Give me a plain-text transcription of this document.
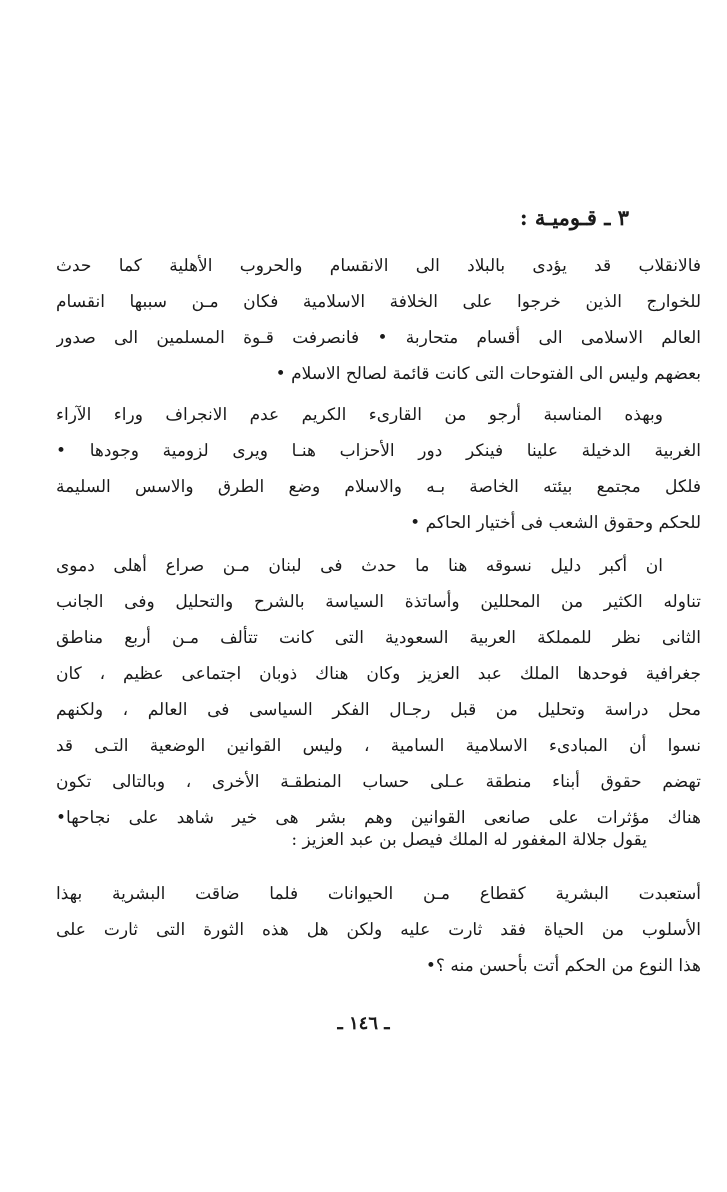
٣ ـ قـوميـة :
فالانقلاب قد يؤدى بالبلاد الى الانقسام والحروب الأهلية كما حدث
للخوارج الذين خرجوا على الخلافة الاسلامية فكان مـن سببها انقسام
العالم الاسلامى الى أقسام متحاربة • فانصرفت قـوة المسلمين الى صدور
بعضهم وليس الى الفتوحات التى كانت قائمة لصالح الاسلام •
وبهذه المناسبة أرجو من القارىء الكريم عدم الانجراف وراء الآراء
الغربية الدخيلة علينا فينكر دور الأحزاب هنـا ويرى لزومية وجودها •
فلكل مجتمع بيئته الخاصة بـه والاسلام وضع الطرق والاسس السليمة
للحكم وحقوق الشعب فى أختيار الحاكم •
ان أكبر دليل نسوقه هنا ما حدث فى لبنان مـن صراع أهلى دموى
تناوله الكثير من المحللين وأساتذة السياسة بالشرح والتحليل وفى الجانب
الثانى نظر للمملكة العربية السعودية التى كانت تتألف مـن أربع مناطق
جغرافية فوحدها الملك عبد العزيز وكان هناك ذوبان اجتماعى عظيم ، كان
محل دراسة وتحليل من قبل رجـال الفكر السياسى فى العالم ، ولكنهم
نسوا أن المبادىء الاسلامية السامية ، وليس القوانين الوضعية التـى قد
تهضم حقوق أبناء منطقة عـلى حساب المنطقـة الأخرى ، وبالتالى تكون
هناك مؤثرات على صانعى القوانين وهم بشر هى خير شاهد على نجاحها•
يقول جلالة المغفور له الملك فيصل بن عبد العزيز :
أستعبدت البشرية كقطاع مـن الحيوانات فلما ضاقت البشرية بهذا
الأسلوب من الحياة فقد ثارت عليه ولكن هل هذه الثورة التى ثارت على
هذا النوع من الحكم أتت بأحسن منه ؟•
ـ ١٤٦ ـ
